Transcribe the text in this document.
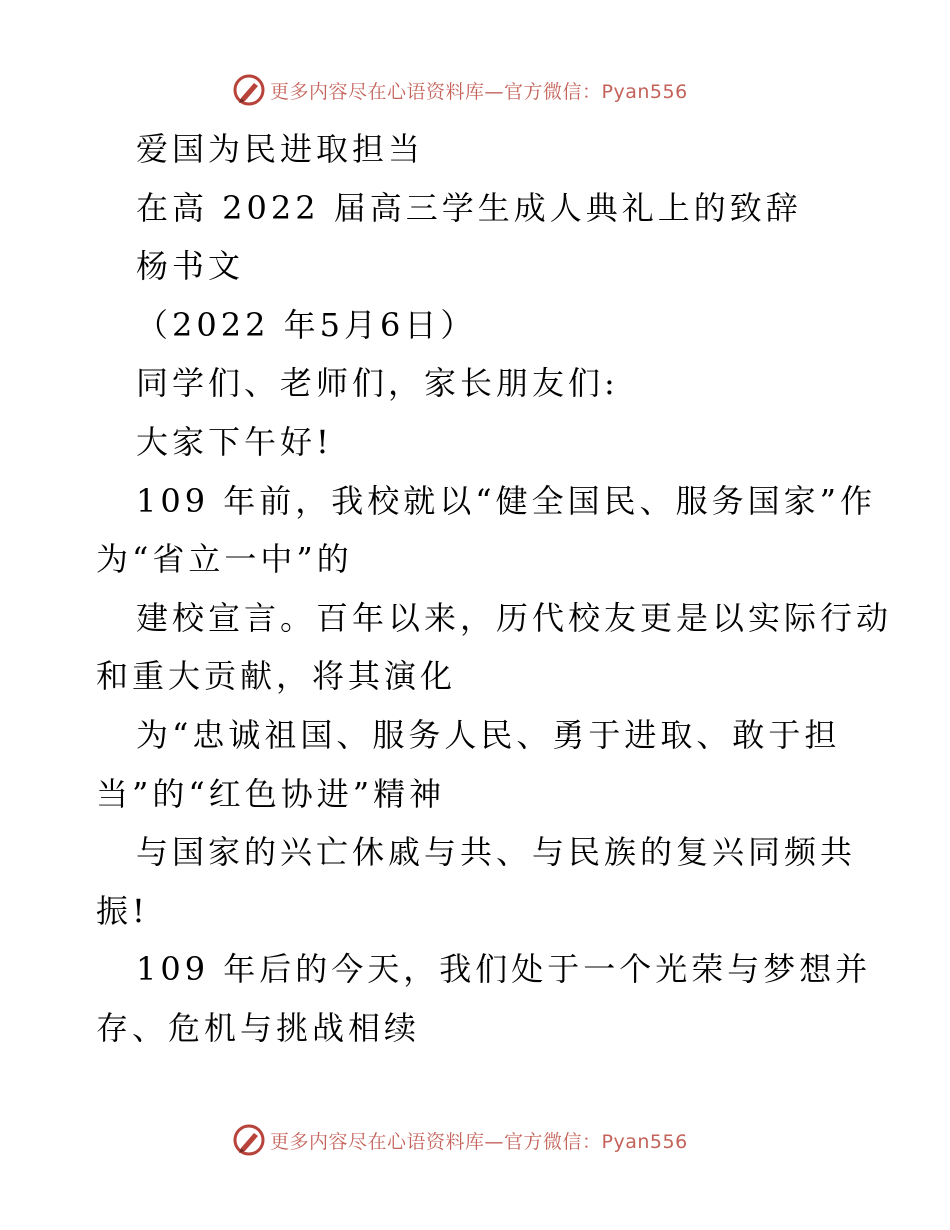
更多内容尽在心语资料库—官方微信：Pyan556
爱国为民进取担当
在高 2022 届高三学生成人典礼上的致辞
杨书文
（2022 年5月6日）
同学们、老师们，家长朋友们:
大家下午好!
109 年前，我校就以“健全国民、服务国家”作
为“省立一中”的
建校宣言。百年以来，历代校友更是以实际行动
和重大贡献，将其演化
为“忠诚祖国、服务人民、勇于进取、敢于担
当”的“红色协进”精神
与国家的兴亡休戚与共、与民族的复兴同频共
振!
109 年后的今天，我们处于一个光荣与梦想并
存、危机与挑战相续
更多内容尽在心语资料库—官方微信：Pyan556
